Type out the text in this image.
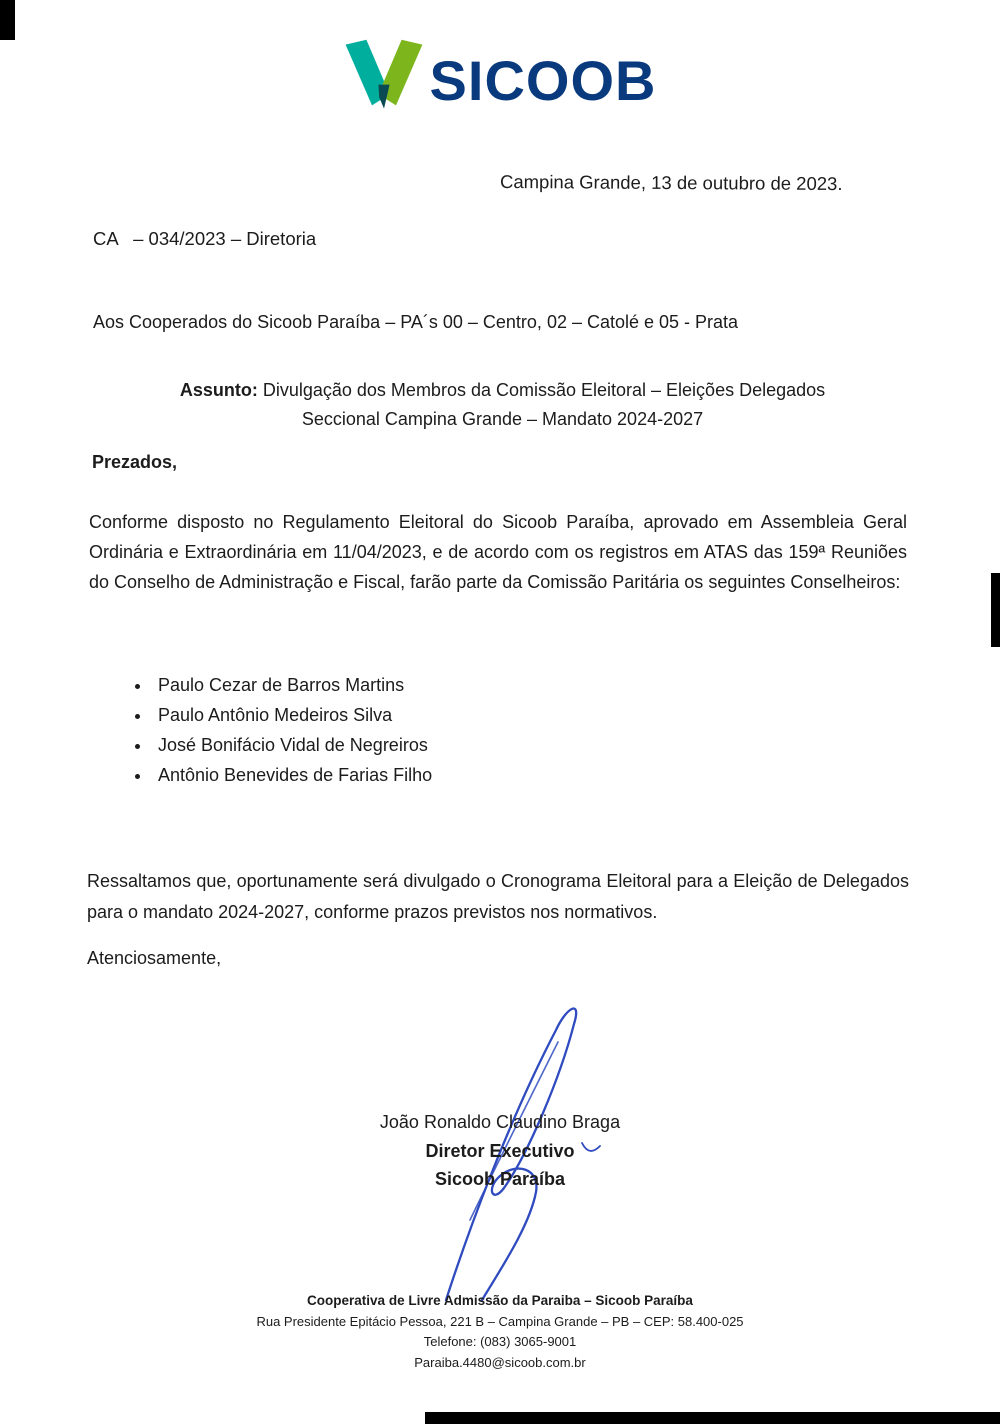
SICOOB
Campina Grande, 13 de outubro de 2023.
CA   – 034/2023 – Diretoria
Aos Cooperados do Sicoob Paraíba – PA´s 00 – Centro, 02 – Catolé e 05 - Prata
Assunto: Divulgação dos Membros da Comissão Eleitoral – Eleições Delegados
Seccional Campina Grande – Mandato 2024-2027
Prezados,
Conforme disposto no Regulamento Eleitoral do Sicoob Paraíba, aprovado em Assembleia Geral Ordinária e Extraordinária em 11/04/2023, e de acordo com os registros em ATAS das 159ª Reuniões do Conselho de Administração e Fiscal, farão parte da Comissão Paritária os seguintes Conselheiros:
• Paulo Cezar de Barros Martins
• Paulo Antônio Medeiros Silva
• José Bonifácio Vidal de Negreiros
• Antônio Benevides de Farias Filho
Ressaltamos que, oportunamente será divulgado o Cronograma Eleitoral para a Eleição de Delegados para o mandato 2024-2027, conforme prazos previstos nos normativos.
Atenciosamente,
João Ronaldo Claudino Braga
Diretor Executivo
Sicoob Paraíba
Cooperativa de Livre Admissão da Paraiba – Sicoob Paraíba
Rua Presidente Epitácio Pessoa, 221 B – Campina Grande – PB – CEP: 58.400-025
Telefone: (083) 3065-9001
Paraiba.4480@sicoob.com.br
